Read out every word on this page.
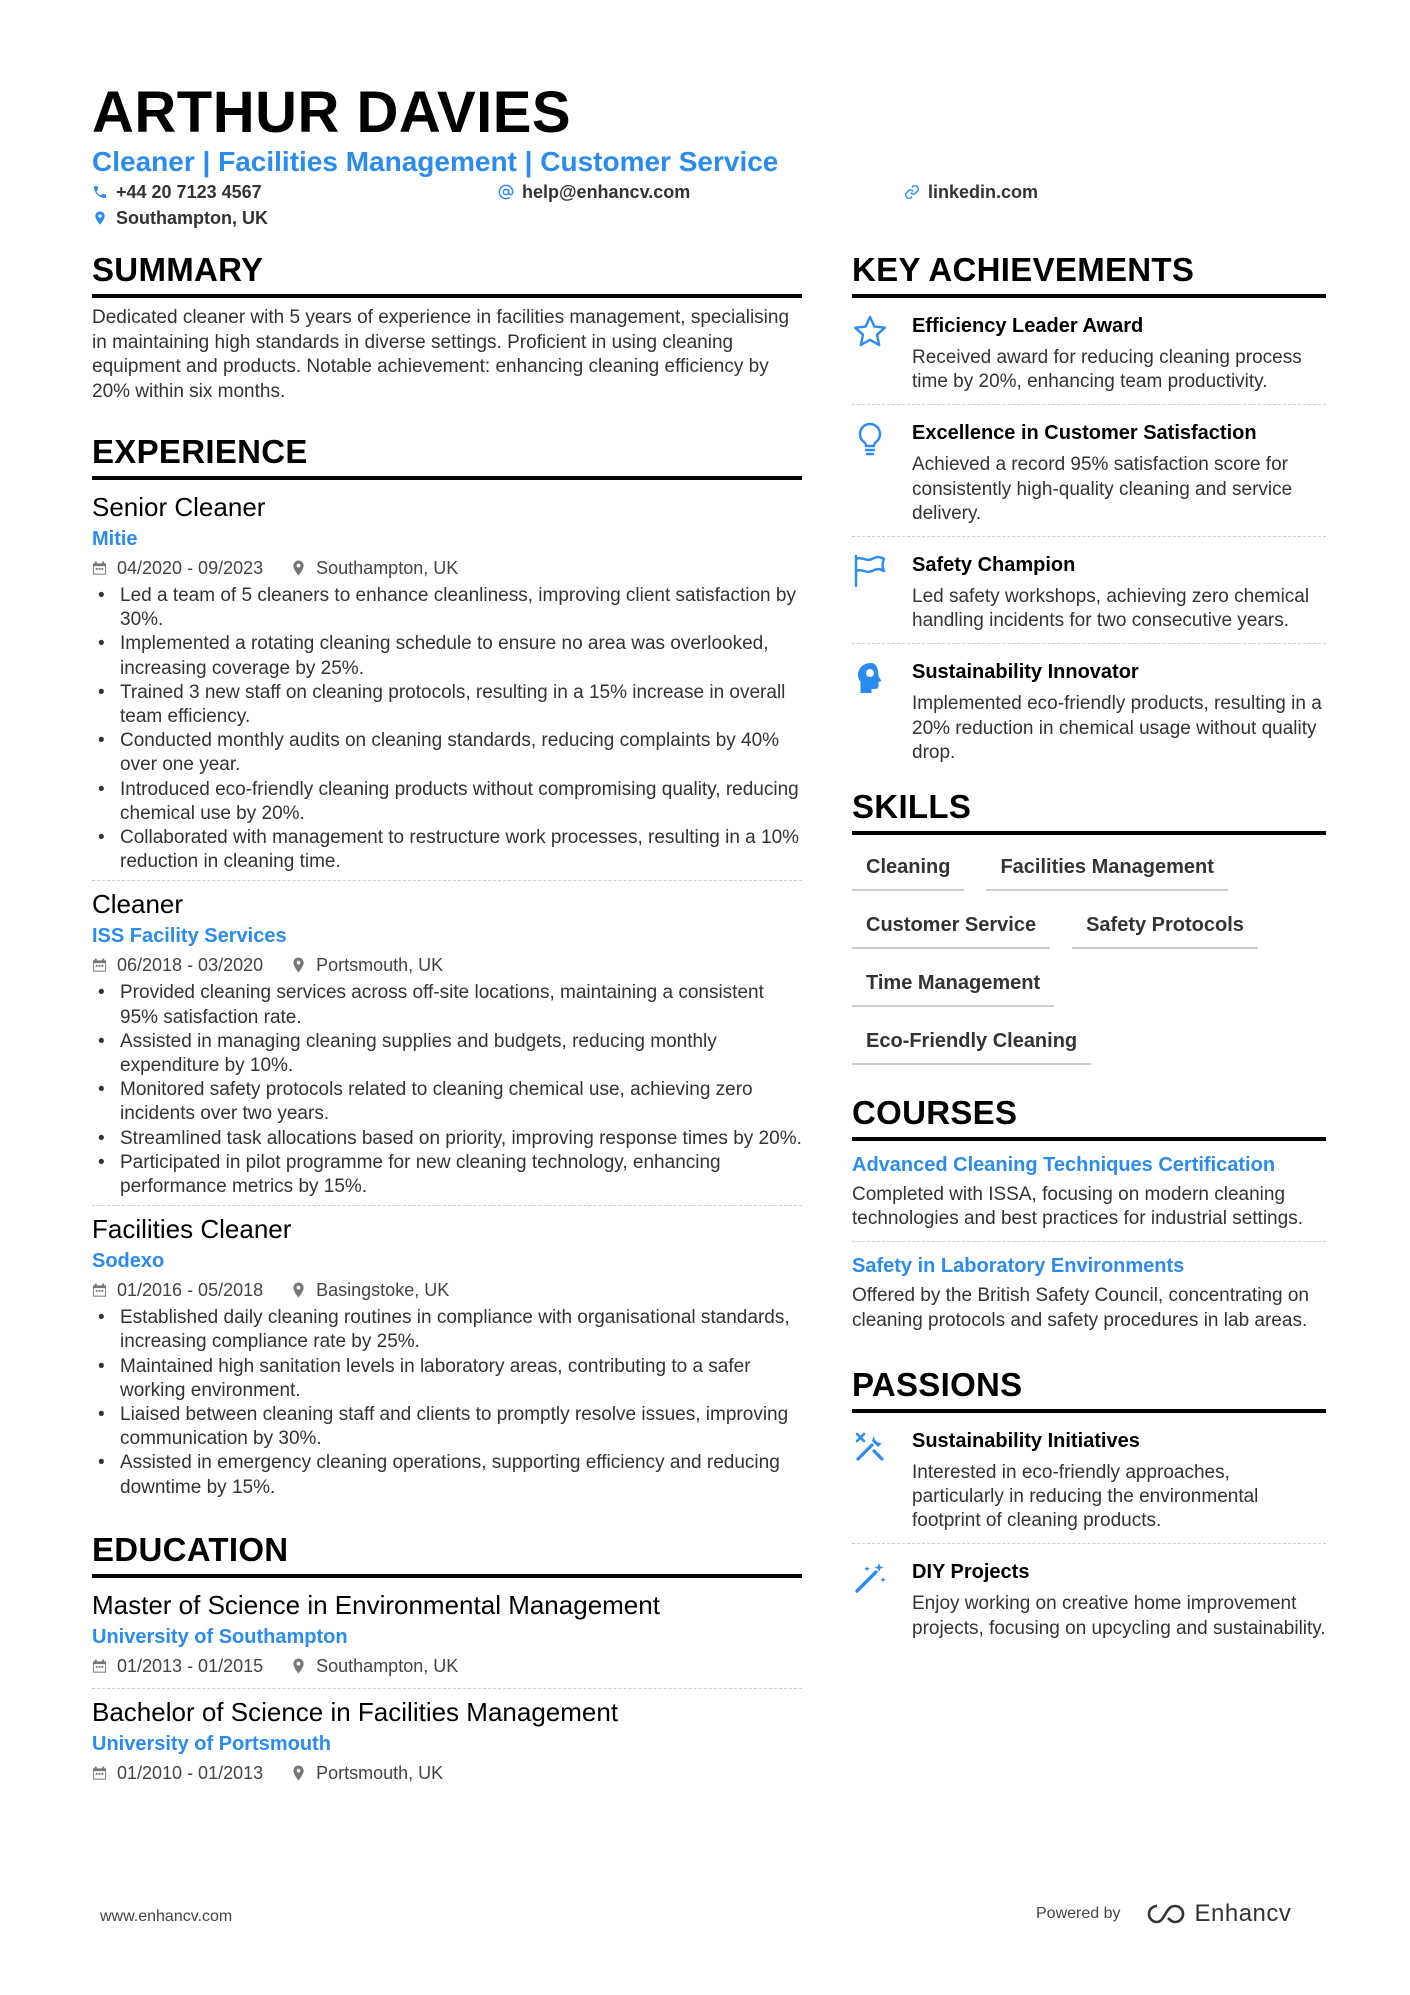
ARTHUR DAVIES
Cleaner | Facilities Management | Customer Service
+44 20 7123 4567	help@enhancv.com	linkedin.com
Southampton, UK
SUMMARY
Dedicated cleaner with 5 years of experience in facilities management, specialising in maintaining high standards in diverse settings. Proficient in using cleaning equipment and products. Notable achievement: enhancing cleaning efficiency by 20% within six months.
EXPERIENCE
Senior Cleaner
Mitie
04/2020 - 09/2023	Southampton, UK
• Led a team of 5 cleaners to enhance cleanliness, improving client satisfaction by 30%.
• Implemented a rotating cleaning schedule to ensure no area was overlooked, increasing coverage by 25%.
• Trained 3 new staff on cleaning protocols, resulting in a 15% increase in overall team efficiency.
• Conducted monthly audits on cleaning standards, reducing complaints by 40% over one year.
• Introduced eco-friendly cleaning products without compromising quality, reducing chemical use by 20%.
• Collaborated with management to restructure work processes, resulting in a 10% reduction in cleaning time.
Cleaner
ISS Facility Services
06/2018 - 03/2020	Portsmouth, UK
• Provided cleaning services across off-site locations, maintaining a consistent 95% satisfaction rate.
• Assisted in managing cleaning supplies and budgets, reducing monthly expenditure by 10%.
• Monitored safety protocols related to cleaning chemical use, achieving zero incidents over two years.
• Streamlined task allocations based on priority, improving response times by 20%.
• Participated in pilot programme for new cleaning technology, enhancing performance metrics by 15%.
Facilities Cleaner
Sodexo
01/2016 - 05/2018	Basingstoke, UK
• Established daily cleaning routines in compliance with organisational standards, increasing compliance rate by 25%.
• Maintained high sanitation levels in laboratory areas, contributing to a safer working environment.
• Liaised between cleaning staff and clients to promptly resolve issues, improving communication by 30%.
• Assisted in emergency cleaning operations, supporting efficiency and reducing downtime by 15%.
EDUCATION
Master of Science in Environmental Management
University of Southampton
01/2013 - 01/2015	Southampton, UK
Bachelor of Science in Facilities Management
University of Portsmouth
01/2010 - 01/2013	Portsmouth, UK
KEY ACHIEVEMENTS
Efficiency Leader Award
Received award for reducing cleaning process time by 20%, enhancing team productivity.
Excellence in Customer Satisfaction
Achieved a record 95% satisfaction score for consistently high-quality cleaning and service delivery.
Safety Champion
Led safety workshops, achieving zero chemical handling incidents for two consecutive years.
Sustainability Innovator
Implemented eco-friendly products, resulting in a 20% reduction in chemical usage without quality drop.
SKILLS
Cleaning	Facilities Management
Customer Service	Safety Protocols
Time Management
Eco-Friendly Cleaning
COURSES
Advanced Cleaning Techniques Certification
Completed with ISSA, focusing on modern cleaning technologies and best practices for industrial settings.
Safety in Laboratory Environments
Offered by the British Safety Council, concentrating on cleaning protocols and safety procedures in lab areas.
PASSIONS
Sustainability Initiatives
Interested in eco-friendly approaches, particularly in reducing the environmental footprint of cleaning products.
DIY Projects
Enjoy working on creative home improvement projects, focusing on upcycling and sustainability.
www.enhancv.com	Powered by	Enhancv
